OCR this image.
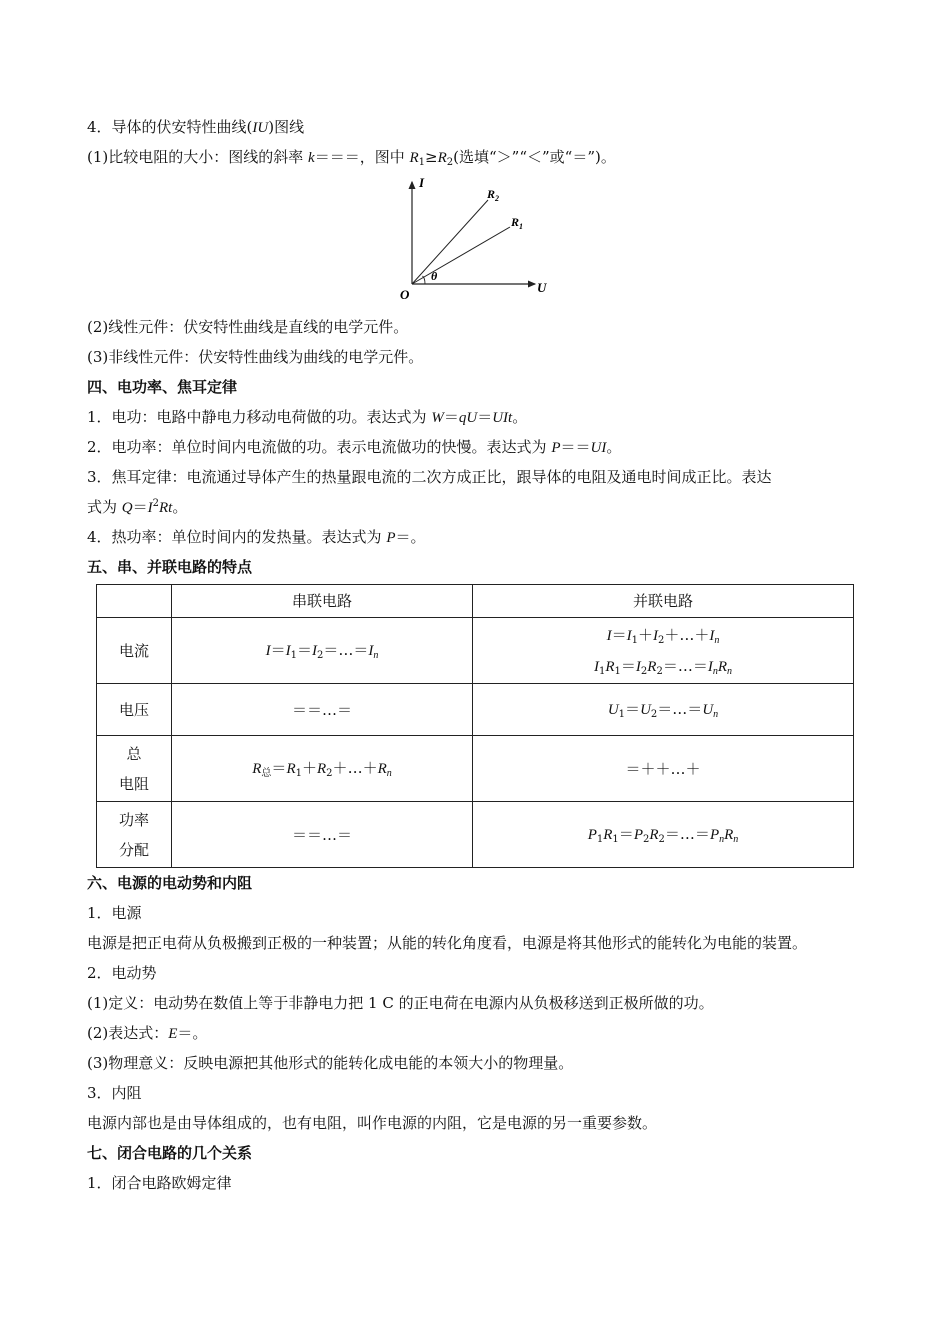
4．导体的伏安特性曲线(IU)图线
(1)比较电阻的大小：图线的斜率 k＝＝＝，图中 $R_1\ge R_2$(选填“＞”“＜”或“＝”)。
I
U
O
θ
$R_2$
$R_1$
(2)线性元件：伏安特性曲线是直线的电学元件。
(3)非线性元件：伏安特性曲线为曲线的电学元件。
四、电功率、焦耳定律
1．电功：电路中静电力移动电荷做的功。表达式为 W＝qU＝UIt。
2．电功率：单位时间内电流做的功。表示电流做功的快慢。表达式为 P＝＝UI。
3．焦耳定律：电流通过导体产生的热量跟电流的二次方成正比，跟导体的电阻及通电时间成正比。表达
式为 $Q=I^2Rt$。
4．热功率：单位时间内的发热量。表达式为 P＝。
五、串、并联电路的特点
	串联电路	并联电路
电流	$I=I_1=I_2=\dots=I_n$	$I=I_1+I_2+\dots+I_n$
$I_1R_1=I_2R_2=\dots=I_nR_n$

电压	＝＝…＝	$U_1=U_2=\dots=U_n$

总
电阻	$R_总=R_1+R_2+\dots+R_n$	＝＋＋…＋

功率
分配	＝＝…＝	$P_1R_1=P_2R_2=\dots=P_nR_n$
六、电源的电动势和内阻
1．电源
电源是把正电荷从负极搬到正极的一种装置；从能的转化角度看，电源是将其他形式的能转化为电能的装置。
2．电动势
(1)定义：电动势在数值上等于非静电力把 1 C 的正电荷在电源内从负极移送到正极所做的功。
(2)表达式：E＝。
(3)物理意义：反映电源把其他形式的能转化成电能的本领大小的物理量。
3．内阻
电源内部也是由导体组成的，也有电阻，叫作电源的内阻，它是电源的另一重要参数。
七、闭合电路的几个关系
1．闭合电路欧姆定律
